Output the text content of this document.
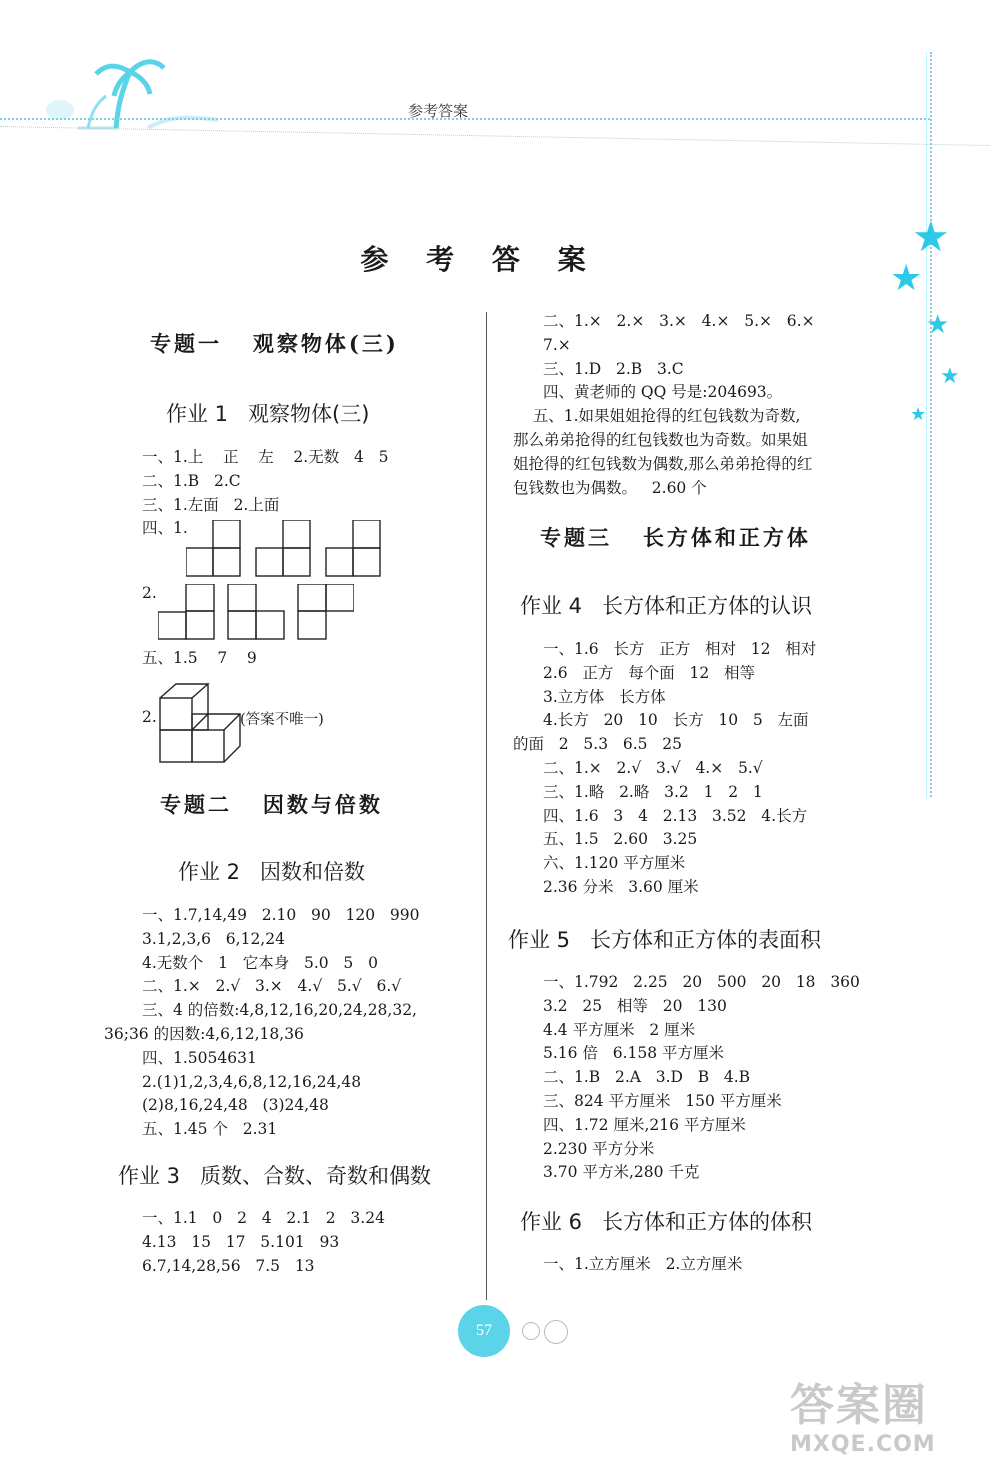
参考答案
★
★
★
★
★
参 考 答 案
专题一   观察物体(三)
作业 1   观察物体(三)
一、1.上    正    左    2.无数   4   5
二、1.B   2.C
三、1.左面   2.上面
四、1.
2.
五、1.5    7    9
2.	(答案不唯一)
专题二   因数与倍数
作业 2   因数和倍数
一、1.7,14,49   2.10   90   120   990
3.1,2,3,6   6,12,24
4.无数个   1   它本身   5.0   5   0
二、1.×   2.√   3.×   4.√   5.√   6.√
三、4 的倍数:4,8,12,16,20,24,28,32,
36;36 的因数:4,6,12,18,36
四、1.5054631
2.(1)1,2,3,4,6,8,12,16,24,48
(2)8,16,24,48   (3)24,48
五、1.45 个   2.31
作业 3   质数、合数、奇数和偶数
一、1.1   0   2   4   2.1   2   3.24
4.13   15   17   5.101   93
6.7,14,28,56   7.5   13
二、1.×   2.×   3.×   4.×   5.×   6.×
7.×
三、1.D   2.B   3.C
四、黄老师的 QQ 号是:204693。
五、1.如果姐姐抢得的红包钱数为奇数,
那么弟弟抢得的红包钱数也为奇数。如果姐
姐抢得的红包钱数为偶数,那么弟弟抢得的红
包钱数也为偶数。   2.60 个
专题三   长方体和正方体
作业 4   长方体和正方体的认识
一、1.6   长方   正方   相对   12   相对
2.6   正方   每个面   12   相等
3.立方体   长方体
4.长方   20   10   长方   10   5   左面
的面   2   5.3   6.5   25
二、1.×   2.√   3.√   4.×   5.√
三、1.略   2.略   3.2   1   2   1
四、1.6   3   4   2.13   3.52   4.长方
五、1.5   2.60   3.25
六、1.120 平方厘米
2.36 分米   3.60 厘米
作业 5   长方体和正方体的表面积
一、1.792   2.25   20   500   20   18   360
3.2   25   相等   20   130
4.4 平方厘米   2 厘米
5.16 倍   6.158 平方厘米
二、1.B   2.A   3.D   B   4.B
三、824 平方厘米   150 平方厘米
四、1.72 厘米,216 平方厘米
2.230 平方分米
3.70 平方米,280 千克
作业 6   长方体和正方体的体积
一、1.立方厘米   2.立方厘米
57
答案圈
MXQE.COM
